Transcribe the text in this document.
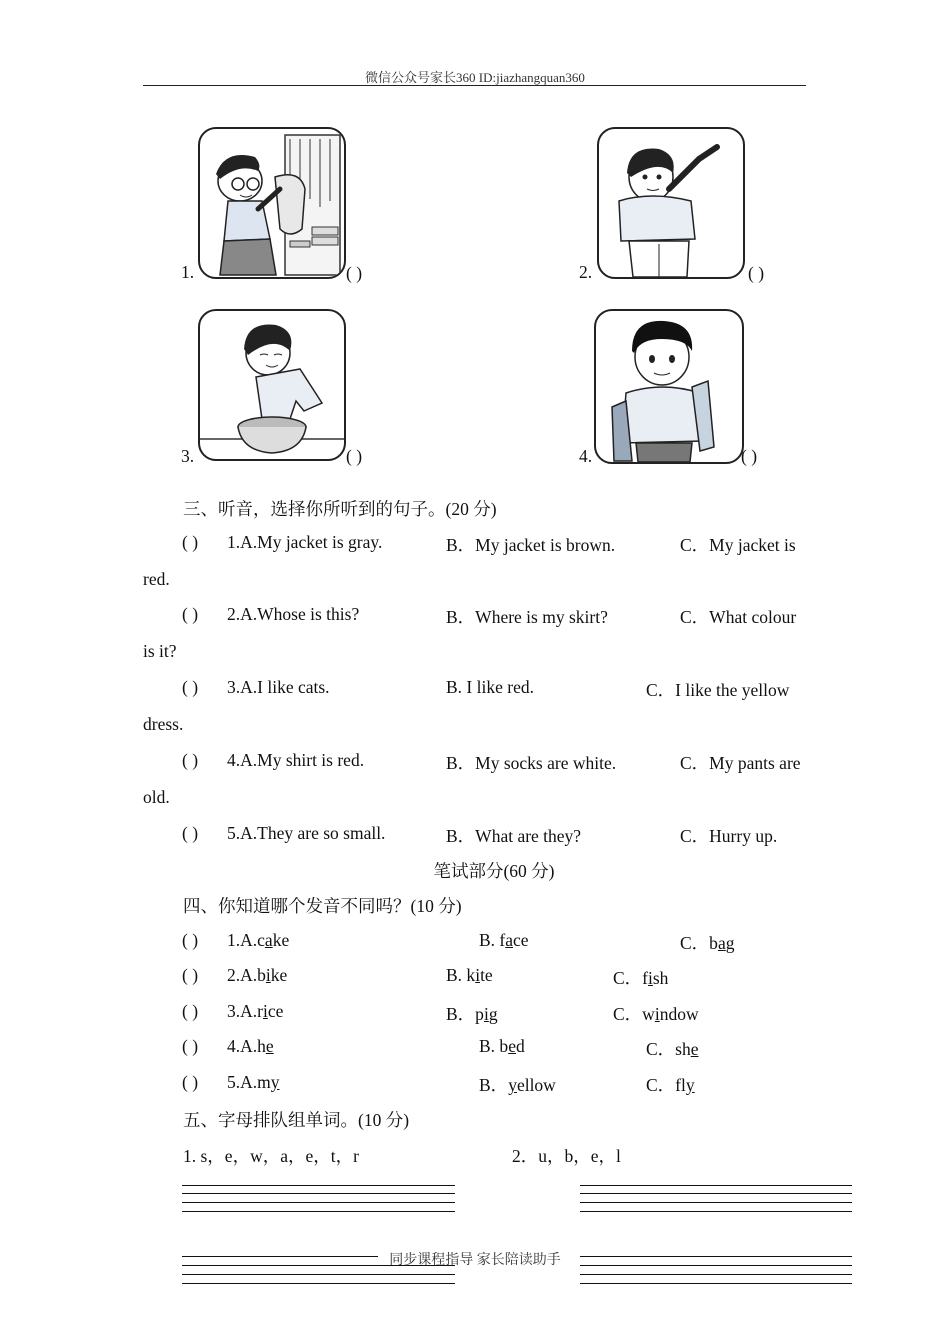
微信公众号家长360 ID:jiazhangquan360
1.	( )	2.	( )
3.	( )	4.	( )
三、听音，选择你所听到的句子。(20 分)
( ) 1.A.My jacket is gray.	B．My jacket is brown.	C．My jacket is
red.
( ) 2.A.Whose is this?	B．Where is my skirt?	C．What colour
is it?
( ) 3.A.I like cats.	B. I like red.	C．I like the yellow
dress.
( ) 4.A.My shirt is red.	B．My socks are white.	C．My pants are
old.
( ) 5.A.They are so small.	B．What are they?	C．Hurry up.
笔试部分(60 分)
四、你知道哪个发音不同吗？(10 分)
( ) 1.A.cake	B. face	C．bag
( ) 2.A.bike	B. kite	C．fish
( ) 3.A.rice	B．pig	C．window
( ) 4.A.he	B. bed	C．she
( ) 5.A.my	B．yellow	C．fly
五、字母排队组单词。(10 分)
1. s，e，w，a，e，t，r	2．u，b，e，l
同步课程指导 家长陪读助手
